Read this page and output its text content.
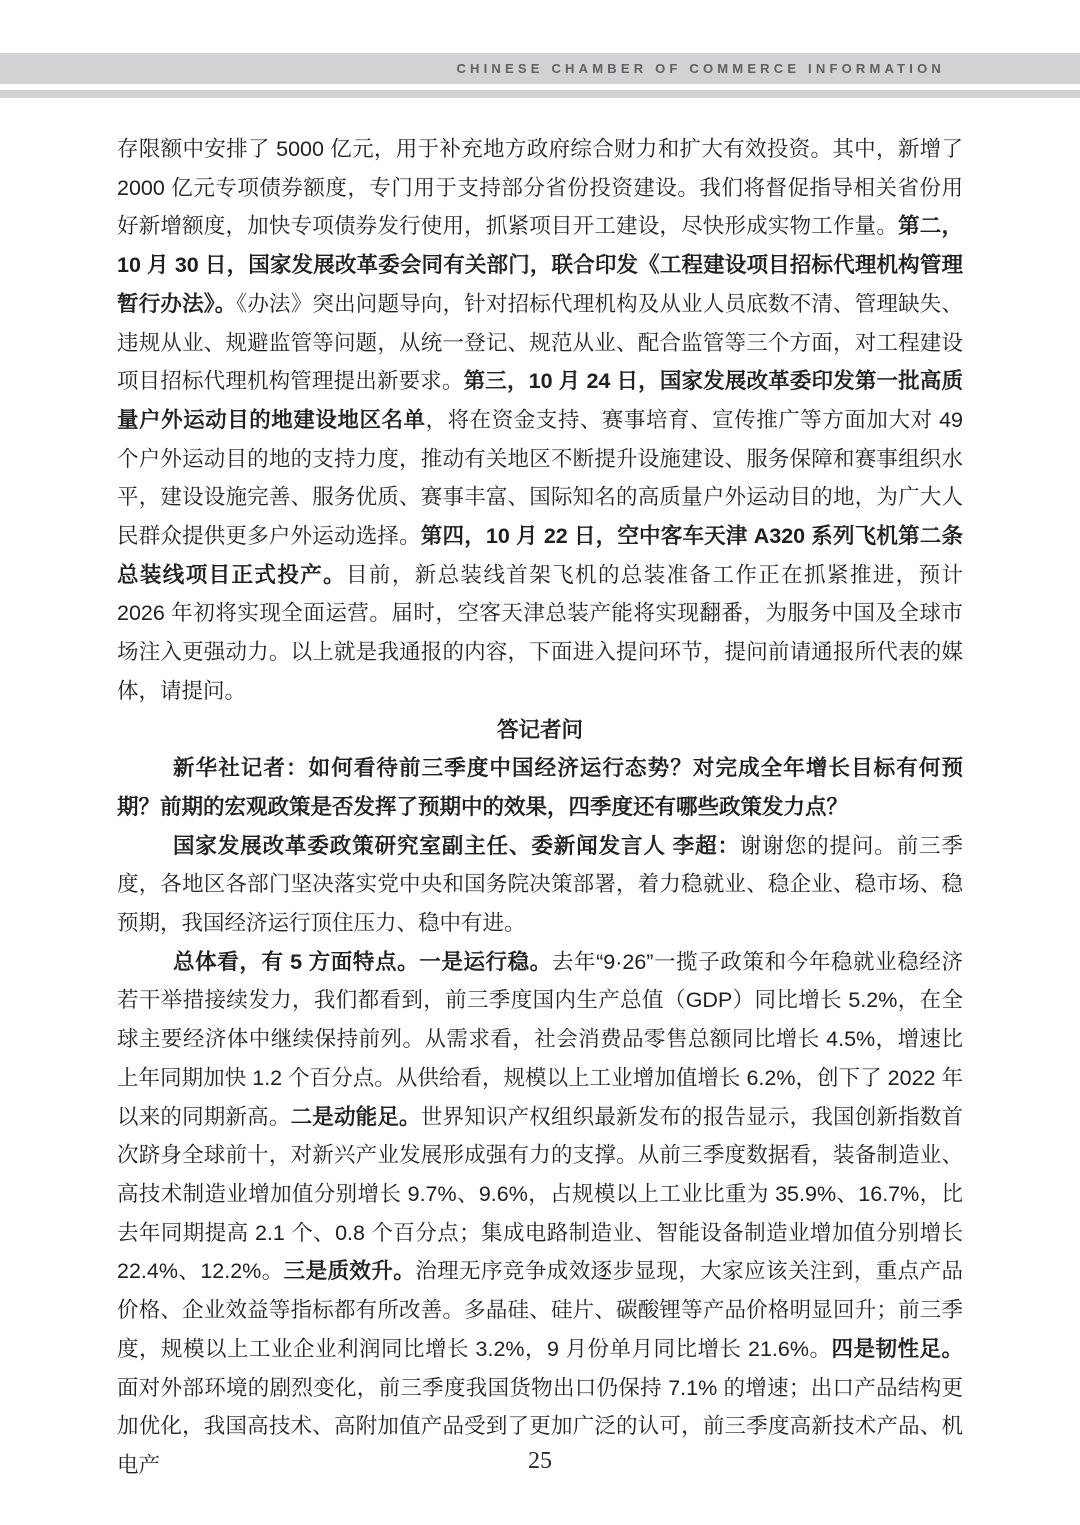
CHINESE CHAMBER OF COMMERCE INFORMATION

存限额中安排了 5000 亿元，用于补充地方政府综合财力和扩大有效投资。其中，新增了 2000 亿元专项债券额度，专门用于支持部分省份投资建设。我们将督促指导相关省份用好新增额度，加快专项债券发行使用，抓紧项目开工建设，尽快形成实物工作量。第二，10 月 30 日，国家发展改革委会同有关部门，联合印发《工程建设项目招标代理机构管理暂行办法》。《办法》突出问题导向，针对招标代理机构及从业人员底数不清、管理缺失、违规从业、规避监管等问题，从统一登记、规范从业、配合监管等三个方面，对工程建设项目招标代理机构管理提出新要求。第三，10 月 24 日，国家发展改革委印发第一批高质量户外运动目的地建设地区名单，将在资金支持、赛事培育、宣传推广等方面加大对 49 个户外运动目的地的支持力度，推动有关地区不断提升设施建设、服务保障和赛事组织水平，建设设施完善、服务优质、赛事丰富、国际知名的高质量户外运动目的地，为广大人民群众提供更多户外运动选择。第四，10 月 22 日，空中客车天津 A320 系列飞机第二条总装线项目正式投产。目前，新总装线首架飞机的总装准备工作正在抓紧推进，预计 2026 年初将实现全面运营。届时，空客天津总装产能将实现翻番，为服务中国及全球市场注入更强动力。以上就是我通报的内容，下面进入提问环节，提问前请通报所代表的媒体，请提问。

答记者问

新华社记者：如何看待前三季度中国经济运行态势？对完成全年增长目标有何预期？前期的宏观政策是否发挥了预期中的效果，四季度还有哪些政策发力点？

国家发展改革委政策研究室副主任、委新闻发言人 李超：谢谢您的提问。前三季度，各地区各部门坚决落实党中央和国务院决策部署，着力稳就业、稳企业、稳市场、稳预期，我国经济运行顶住压力、稳中有进。

总体看，有 5 方面特点。一是运行稳。去年“9·26”一揽子政策和今年稳就业稳经济若干举措接续发力，我们都看到，前三季度国内生产总值（GDP）同比增长 5.2%，在全球主要经济体中继续保持前列。从需求看，社会消费品零售总额同比增长 4.5%，增速比上年同期加快 1.2 个百分点。从供给看，规模以上工业增加值增长 6.2%，创下了 2022 年以来的同期新高。二是动能足。世界知识产权组织最新发布的报告显示，我国创新指数首次跻身全球前十，对新兴产业发展形成强有力的支撑。从前三季度数据看，装备制造业、高技术制造业增加值分别增长 9.7%、9.6%，占规模以上工业比重为 35.9%、16.7%，比去年同期提高 2.1 个、0.8 个百分点；集成电路制造业、智能设备制造业增加值分别增长 22.4%、12.2%。三是质效升。治理无序竞争成效逐步显现，大家应该关注到，重点产品价格、企业效益等指标都有所改善。多晶硅、硅片、碳酸锂等产品价格明显回升；前三季度，规模以上工业企业利润同比增长 3.2%，9 月份单月同比增长 21.6%。四是韧性足。面对外部环境的剧烈变化，前三季度我国货物出口仍保持 7.1% 的增速；出口产品结构更加优化，我国高技术、高附加值产品受到了更加广泛的认可，前三季度高新技术产品、机电产	25
